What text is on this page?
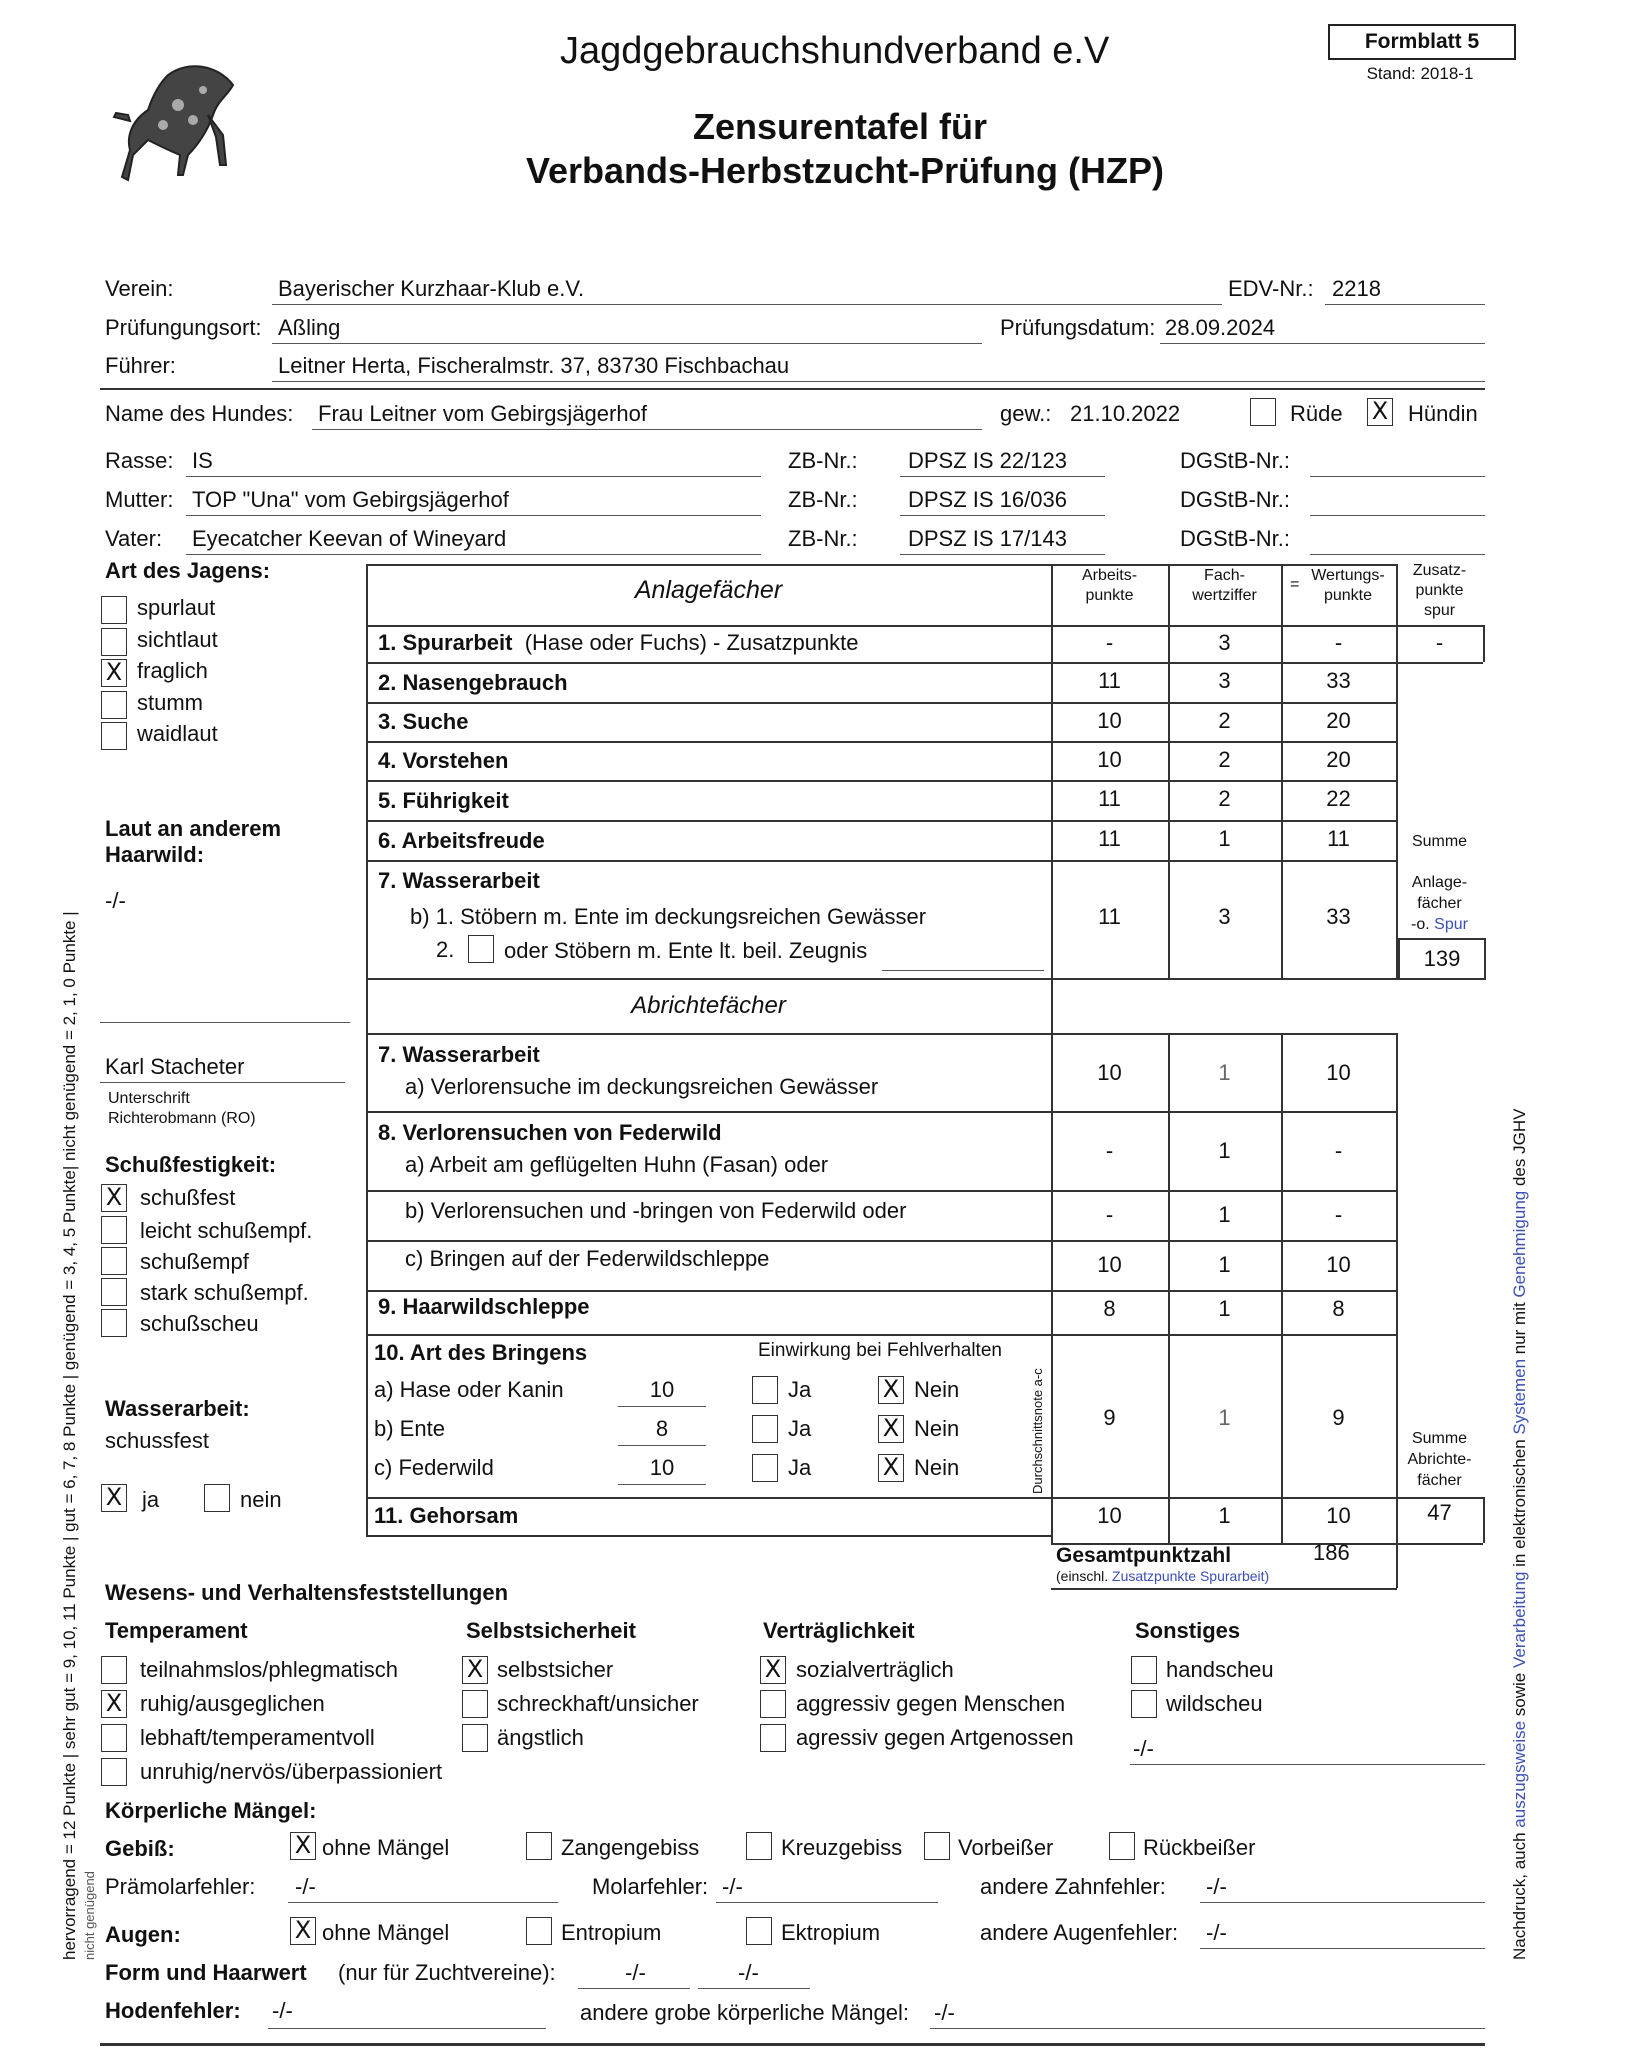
Jagdgebrauchshundverband e.V
Zensurentafel für
Verbands-Herbstzucht-Prüfung (HZP)
Formblatt 5
Stand: 2018-1
Verein:	Bayerischer Kurzhaar-Klub e.V.	EDV-Nr.: 2218
Prüfungungsort: Aßling	Prüfungsdatum: 28.09.2024
Führer:	Leitner Herta, Fischeralmstr. 37, 83730 Fischbachau
Name des Hundes: Frau Leitner vom Gebirgsjägerhof	gew.: 21.10.2022	Rüde X Hündin
Rasse: IS	ZB-Nr.: DPSZ IS 22/123	DGStB-Nr.:
Mutter: TOP "Una" vom Gebirgsjägerhof	ZB-Nr.: DPSZ IS 16/036	DGStB-Nr.:
Vater: Eyecatcher Keevan of Wineyard	ZB-Nr.: DPSZ IS 17/143	DGStB-Nr.:
Art des Jagens:
spurlaut
sichtlaut
X fraglich
stumm
waidlaut
Laut an anderem
Haarwild:
-/-
Karl Stacheter
Unterschrift
Richterobmann (RO)
Schußfestigkeit:
X schußfest
leicht schußempf.
schußempf
stark schußempf.
schußscheu
Wasserarbeit:
schussfest
X ja	nein
Anlagefächer
Arbeits-
punkte
Fach-
wertziffer
=
Wertungs-
punkte
Zusatz-
punkte
spur
1. Spurarbeit (Hase oder Fuchs) - Zusatzpunkte	-	3	-	-
2. Nasengebrauch	11	3	33
3. Suche	10	2	20
4. Vorstehen	10	2	20
5. Führigkeit	11	2	22
6. Arbeitsfreude	11	1	11
7. Wasserarbeit
b) 1. Stöbern m. Ente im deckungsreichen Gewässer
2. oder Stöbern m. Ente lt. beil. Zeugnis
11	3	33
Summe
Anlage-
fächer
-o. Spur
139
Abrichtefächer
7. Wasserarbeit
a) Verlorensuche im deckungsreichen Gewässer
10	1	10
8. Verlorensuchen von Federwild
a) Arbeit am geflügelten Huhn (Fasan) oder
-	1	-
b) Verlorensuchen und -bringen von Federwild oder	-	1	-
c) Bringen auf der Federwildschleppe	10	1	10
9. Haarwildschleppe	8	1	8
10. Art des Bringens	Einwirkung bei Fehlverhalten
Durchschnittsnote a-c
a) Hase oder Kanin	10	Ja	X Nein
b) Ente	8	Ja	X Nein
c) Federwild	10	Ja	X Nein
9	1	9
11. Gehorsam	10	1	10
Summe
Abrichte-
fächer
47
Gesamtpunktzahl	186
(einschl. Zusatzpunkte Spurarbeit)
Wesens- und Verhaltensfeststellungen
Temperament
teilnahmslos/phlegmatisch
X ruhig/ausgeglichen
lebhaft/temperamentvoll
unruhig/nervös/überpassioniert
Selbstsicherheit
X selbstsicher
schreckhaft/unsicher
ängstlich
Verträglichkeit
X sozialverträglich
aggressiv gegen Menschen
agressiv gegen Artgenossen
Sonstiges
handscheu
wildscheu
-/-
Körperliche Mängel:
Gebiß:	X ohne Mängel	Zangengebiss	Kreuzgebiss	Vorbeißer	Rückbeißer
Prämolarfehler: -/-	Molarfehler: -/-	andere Zahnfehler: -/-
Augen:	X ohne Mängel	Entropium	Ektropium	andere Augenfehler: -/-
Form und Haarwert (nur für Zuchtvereine):	-/-	-/-
Hodenfehler: -/-	andere grobe körperliche Mängel: -/-
hervorragend = 12 Punkte | sehr gut = 9, 10, 11 Punkte | gut = 6, 7, 8 Punkte | genügend = 3, 4, 5 Punkte| nicht genügend = 2, 1, 0 Punkte | nicht genügend	Nachdruck, auch auszugsweise sowie Verarbeitung in elektronischen Systemen nur mit Genehmigung des JGHV
